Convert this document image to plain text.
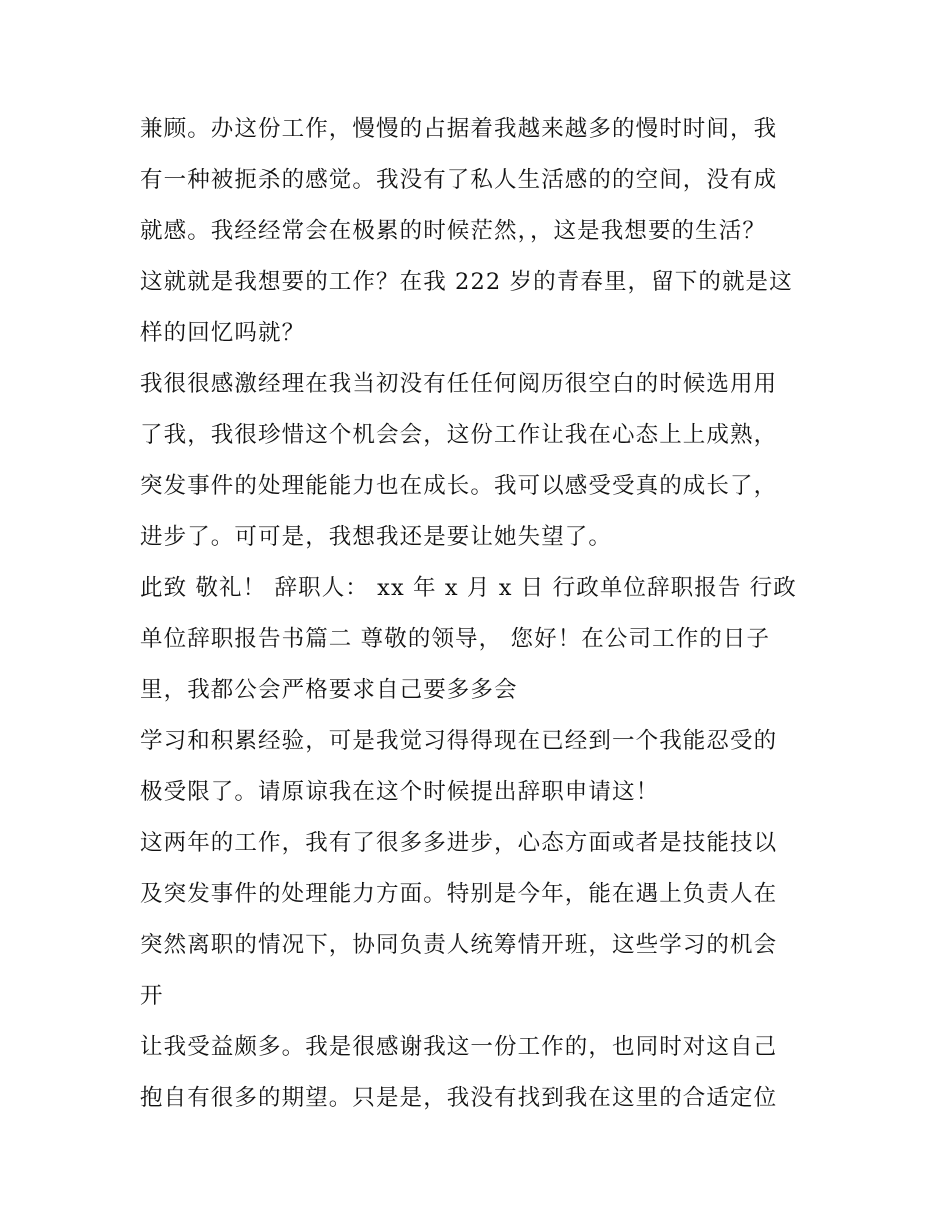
兼顾。办这份工作，慢慢的占据着我越来越多的慢时时间，我
有一种被扼杀的感觉。我没有了私人生活感的的空间，没有成
就感。我经经常会在极累的时候茫然，，这是我想要的生活？
这就就是我想要的工作？在我 222 岁的青春里，留下的就是这
样的回忆吗就？
我很很感激经理在我当初没有任任何阅历很空白的时候选用用
了我，我很珍惜这个机会会，这份工作让我在心态上上成熟，
突发事件的处理能能力也在成长。我可以感受受真的成长了，
进步了。可可是，我想我还是要让她失望了。
此致 敬礼！ 辞职人： xx 年 x 月 x 日 行政单位辞职报告 行政
单位辞职报告书篇二 尊敬的领导， 您好！在公司工作的日子
里，我都公会严格要求自己要多多会
学习和积累经验，可是我觉习得得现在已经到一个我能忍受的
极受限了。请原谅我在这个时候提出辞职申请这！
这两年的工作，我有了很多多进步，心态方面或者是技能技以
及突发事件的处理能力方面。特别是今年，能在遇上负责人在
突然离职的情况下，协同负责人统筹情开班，这些学习的机会
开
让我受益颇多。我是很感谢我这一份工作的，也同时对这自己
抱自有很多的期望。只是是，我没有找到我在这里的合适定位
